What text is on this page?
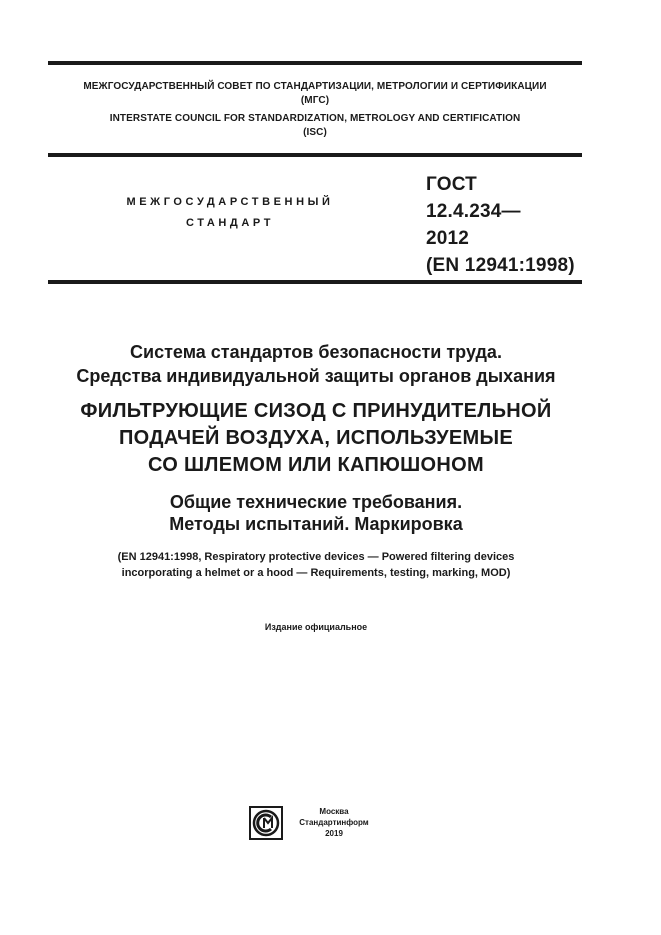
МЕЖГОСУДАРСТВЕННЫЙ СОВЕТ ПО СТАНДАРТИЗАЦИИ, МЕТРОЛОГИИ И СЕРТИФИКАЦИИ
(МГС)
INTERSTATE COUNCIL FOR STANDARDIZATION, METROLOGY AND CERTIFICATION
(ISC)
МЕЖГОСУДАРСТВЕННЫЙ
СТАНДАРТ
ГОСТ
12.4.234—
2012
(EN 12941:1998)
Система стандартов безопасности труда.
Средства индивидуальной защиты органов дыхания
ФИЛЬТРУЮЩИЕ СИЗОД С ПРИНУДИТЕЛЬНОЙ
ПОДАЧЕЙ ВОЗДУХА, ИСПОЛЬЗУЕМЫЕ
СО ШЛЕМОМ ИЛИ КАПЮШОНОМ
Общие технические требования.
Методы испытаний. Маркировка
(EN 12941:1998, Respiratory protective devices — Powered filtering devices
incorporating a helmet or a hood — Requirements, testing, marking, MOD)
Издание официальное
Москва
Стандартинформ
2019
